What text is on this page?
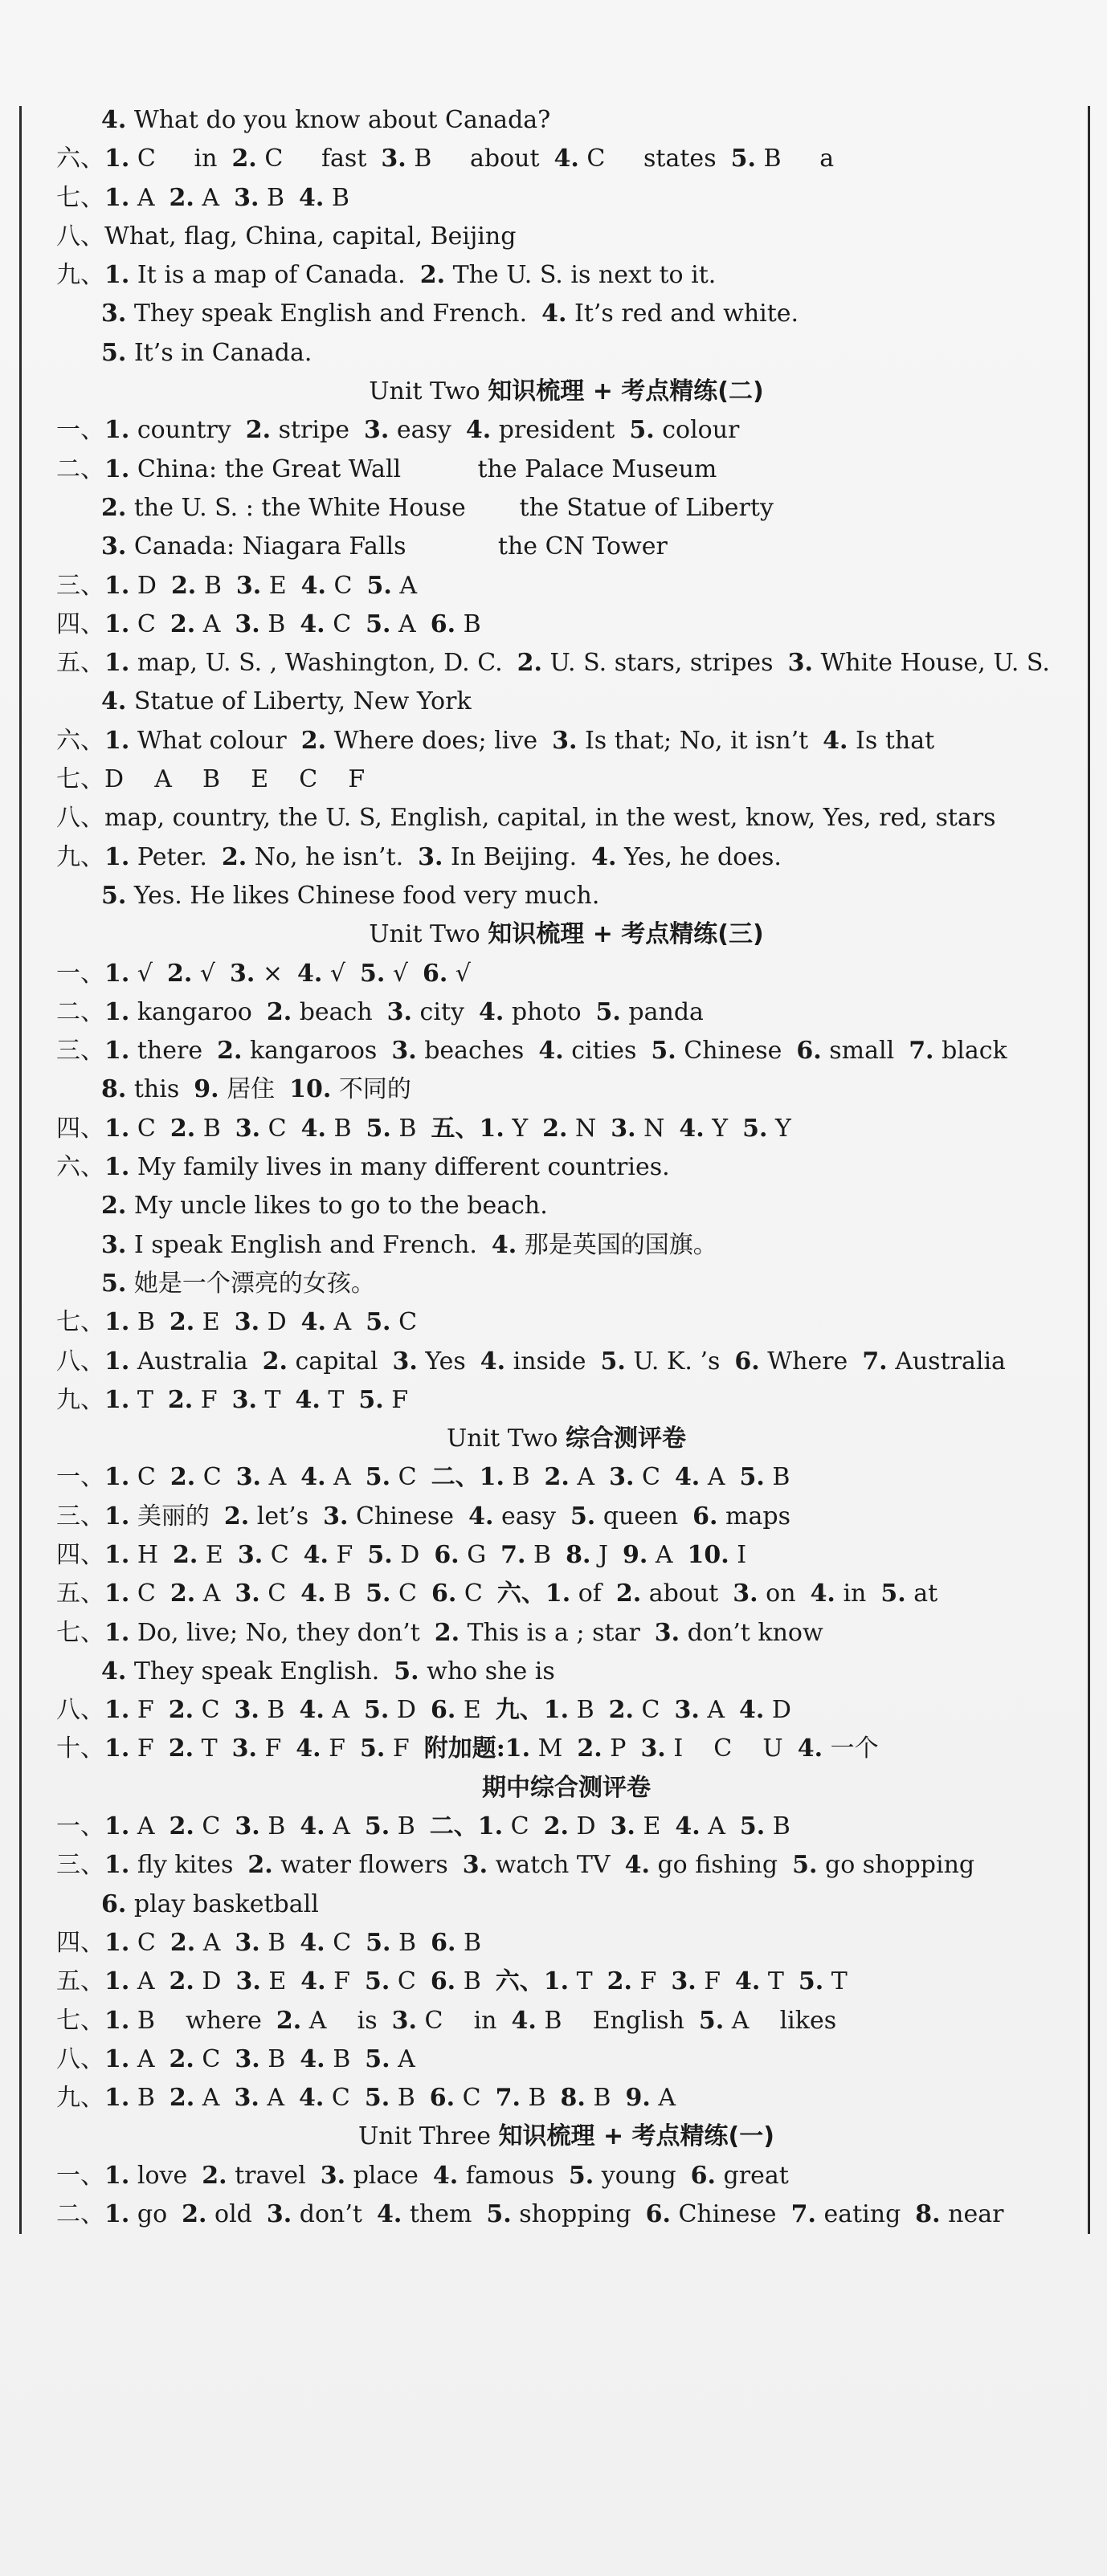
4. What do you know about Canada?
六、1. C     in 2. C     fast 3. B     about 4. C     states 5. B     a
七、1. A 2. A 3. B 4. B
八、What, flag, China, capital, Beijing
九、1. It is a map of Canada. 2. The U. S. is next to it.
3. They speak English and French. 4. It’s red and white.
5. It’s in Canada.
Unit Two 知识梳理 + 考点精练(二)
一、1. country 2. stripe 3. easy 4. president 5. colour
二、1. China: the Great Wall          the Palace Museum
2. the U. S. : the White House       the Statue of Liberty
3. Canada: Niagara Falls            the CN Tower
三、1. D 2. B 3. E 4. C 5. A
四、1. C 2. A 3. B 4. C 5. A 6. B
五、1. map, U. S. , Washington, D. C. 2. U. S. stars, stripes 3. White House, U. S.
4. Statue of Liberty, New York
六、1. What colour 2. Where does; live 3. Is that; No, it isn’t 4. Is that
七、D    A    B    E    C    F
八、map, country, the U. S, English, capital, in the west, know, Yes, red, stars
九、1. Peter. 2. No, he isn’t. 3. In Beijing. 4. Yes, he does.
5. Yes. He likes Chinese food very much.
Unit Two 知识梳理 + 考点精练(三)
一、1. √ 2. √ 3. × 4. √ 5. √ 6. √
二、1. kangaroo 2. beach 3. city 4. photo 5. panda
三、1. there 2. kangaroos 3. beaches 4. cities 5. Chinese 6. small 7. black
8. this 9. 居住 10. 不同的
四、1. C 2. B 3. C 4. B 5. B 五、1. Y 2. N 3. N 4. Y 5. Y
六、1. My family lives in many different countries.
2. My uncle likes to go to the beach.
3. I speak English and French. 4. 那是英国的国旗。
5. 她是一个漂亮的女孩。
七、1. B 2. E 3. D 4. A 5. C
八、1. Australia 2. capital 3. Yes 4. inside 5. U. K. ’s 6. Where 7. Australia
九、1. T 2. F 3. T 4. T 5. F
Unit Two 综合测评卷
一、1. C 2. C 3. A 4. A 5. C 二、1. B 2. A 3. C 4. A 5. B
三、1. 美丽的 2. let’s 3. Chinese 4. easy 5. queen 6. maps
四、1. H 2. E 3. C 4. F 5. D 6. G 7. B 8. J 9. A 10. I
五、1. C 2. A 3. C 4. B 5. C 6. C 六、1. of 2. about 3. on 4. in 5. at
七、1. Do, live; No, they don’t 2. This is a ; star 3. don’t know
4. They speak English. 5. who she is
八、1. F 2. C 3. B 4. A 5. D 6. E 九、1. B 2. C 3. A 4. D
十、1. F 2. T 3. F 4. F 5. F 附加题:1. M 2. P 3. I    C    U 4. 一个
期中综合测评卷
一、1. A 2. C 3. B 4. A 5. B 二、1. C 2. D 3. E 4. A 5. B
三、1. fly kites 2. water flowers 3. watch TV 4. go fishing 5. go shopping
6. play basketball
四、1. C 2. A 3. B 4. C 5. B 6. B
五、1. A 2. D 3. E 4. F 5. C 6. B 六、1. T 2. F 3. F 4. T 5. T
七、1. B    where 2. A    is 3. C    in 4. B    English 5. A    likes
八、1. A 2. C 3. B 4. B 5. A
九、1. B 2. A 3. A 4. C 5. B 6. C 7. B 8. B 9. A
Unit Three 知识梳理 + 考点精练(一)
一、1. love 2. travel 3. place 4. famous 5. young 6. great
二、1. go 2. old 3. don’t 4. them 5. shopping 6. Chinese 7. eating 8. near
